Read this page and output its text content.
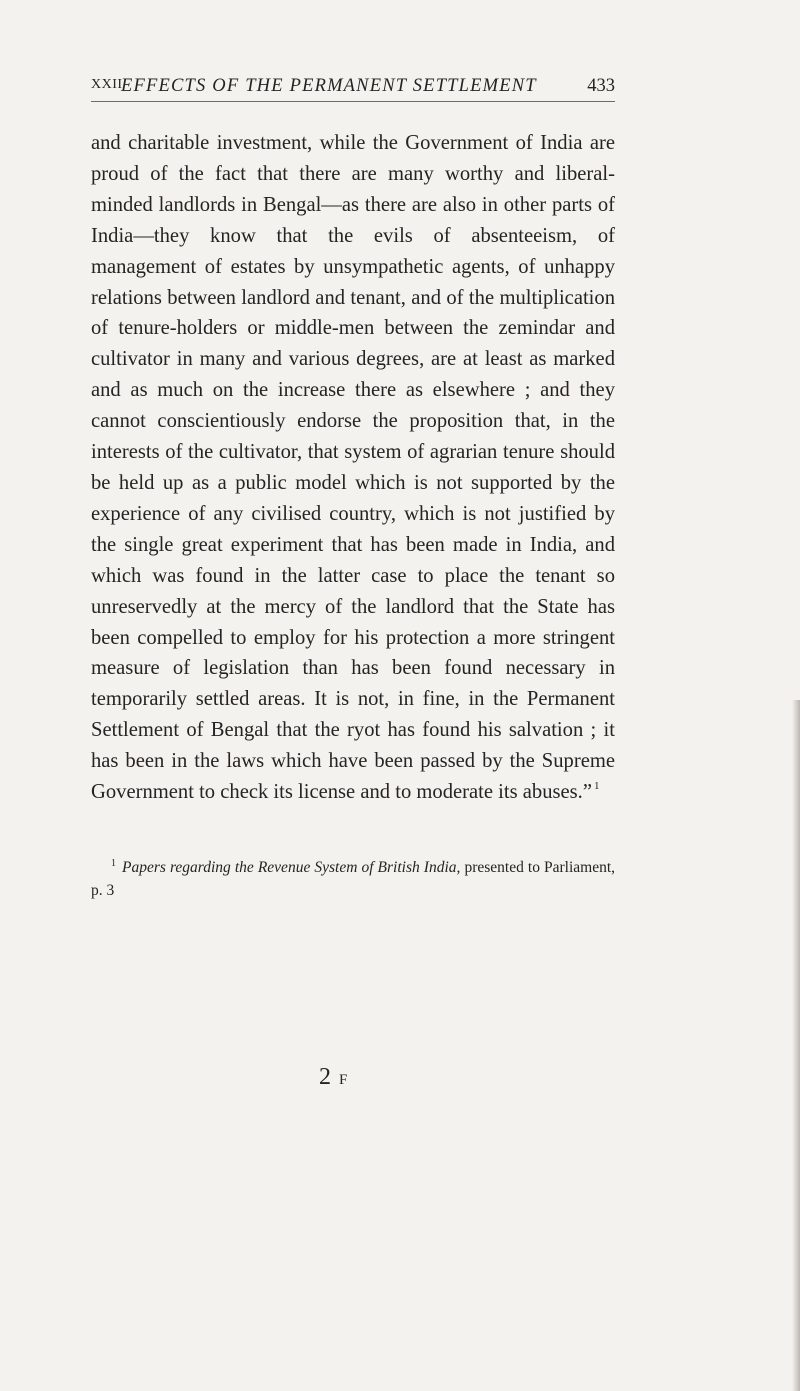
XXII
EFFECTS OF THE PERMANENT SETTLEMENT	433

and charitable investment, while the Government of India are proud of the fact that there are many worthy and liberal-minded landlords in Bengal—as there are also in other parts of India—they know that the evils of absenteeism, of management of estates by unsympathetic agents, of unhappy relations between landlord and tenant, and of the multiplication of tenure-holders or middle-men between the zemindar and cultivator in many and various degrees, are at least as marked and as much on the increase there as elsewhere ; and they cannot conscientiously endorse the proposition that, in the interests of the cultivator, that system of agrarian tenure should be held up as a public model which is not supported by the experience of any civilised country, which is not justified by the single great experiment that has been made in India, and which was found in the latter case to place the tenant so unreservedly at the mercy of the landlord that the State has been compelled to employ for his protection a more stringent measure of legislation than has been found necessary in temporarily settled areas. It is not, in fine, in the Permanent Settlement of Bengal that the ryot has found his salvation ; it has been in the laws which have been passed by the Supreme Government to check its license and to moderate its abuses.” $^1$

$^1$ Papers regarding the Revenue System of British India, presented to Parliament, p. 3

2 F
